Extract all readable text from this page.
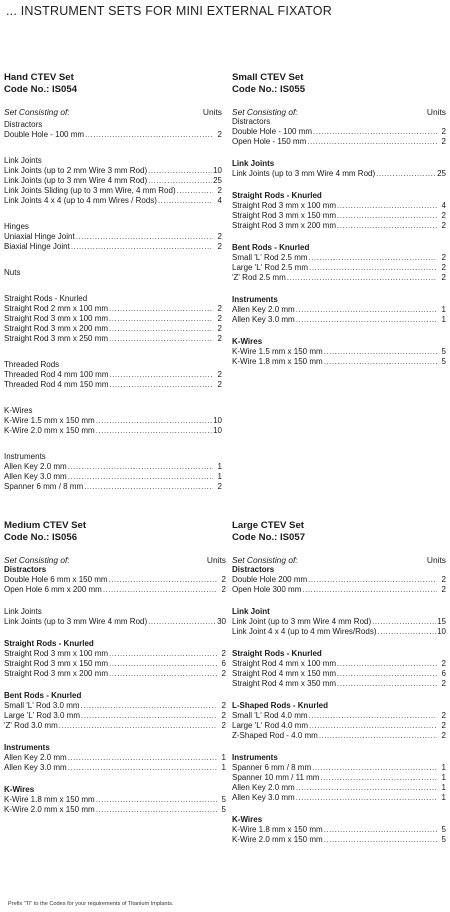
... INSTRUMENT SETS FOR MINI EXTERNAL FIXATOR
Hand CTEV Set
Code No.: IS054
Set Consisting of:	Units
Distractors
Double Hole - 100 mm .....	2
Link Joints
Link Joints (up to 2 mm Wire 3 mm Rod) .....	10
Link Joints (up to 3 mm Wire 4 mm Rod) .....	25
Link Joints Sliding (up to 3 mm Wire, 4 mm Rod) .....	2
Link Joints 4 x 4 (up to 4 mm Wires / Rods) .....	4
Hinges
Uniaxial Hinge Joint .....	2
Biaxial Hinge Joint .....	2
Nuts
Straight Rods - Knurled
Straight Rod 2 mm x 100 mm .....	2
Straight Rod 3 mm x 100 mm .....	2
Straight Rod 3 mm x 200 mm .....	2
Straight Rod 3 mm x 250 mm .....	2
Threaded Rods
Threaded Rod 4 mm 100 mm .....	2
Threaded Rod 4 mm 150 mm .....	2
K-Wires
K-Wire 1.5 mm x 150 mm .....	10
K-Wire 2.0 mm x 150 mm .....	10
Instruments
Allen Key 2.0 mm .....	1
Allen Key 3.0 mm .....	1
Spanner 6 mm / 8 mm .....	2
Small CTEV Set
Code No.: IS055
Set Consisting of:	Units
Distractors
Double Hole - 100 mm .....	2
Open Hole - 150 mm .....	2
Link Joints
Link Joints (up to 3 mm Wire 4 mm Rod) .....	25
Straight Rods - Knurled
Straight Rod 3 mm x 100 mm .....	4
Straight Rod 3 mm x 150 mm .....	2
Straight Rod 3 mm x 200 mm .....	2
Bent Rods - Knurled
Small 'L' Rod 2.5 mm .....	2
Large 'L' Rod 2.5 mm .....	2
'Z' Rod 2.5 mm .....	2
Instruments
Allen Key 2.0 mm .....	1
Allen Key 3.0 mm .....	1
K-Wires
K-Wire 1.5 mm x 150 mm .....	5
K-Wire 1.8 mm x 150 mm .....	5
Medium CTEV Set
Code No.: IS056
Set Consisting of:	Units
Distractors
Double Hole 6 mm x 150 mm .....	2
Open Hole 6 mm x 200 mm .....	2
Link Joints
Link Joints (up to 3 mm Wire 4 mm Rod) .....	30
Straight Rods - Knurled
Straight Rod 3 mm x 100 mm .....	2
Straight Rod 3 mm x 150 mm .....	6
Straight Rod 3 mm x 200 mm .....	2
Bent Rods - Knurled
Small 'L' Rod 3.0 mm .....	2
Large 'L' Rod 3.0 mm .....	2
'Z' Rod 3.0 mm .....	2
Instruments
Allen Key 2.0 mm .....	1
Allen Key 3.0 mm .....	1
K-Wires
K-Wire 1.8 mm x 150 mm .....	5
K-Wire 2.0 mm x 150 mm .....	5
Large CTEV Set
Code No.: IS057
Set Consisting of:	Units
Distractors
Double Hole 200 mm .....	2
Open Hole 300 mm .....	2
Link Joint
Link Joint (up to 3 mm Wire 4 mm Rod) .....	15
Link Joint 4 x 4 (up to 4 mm Wires/Rods) .....	10
Straight Rods - Knurled
Straight Rod 4 mm x 100 mm .....	2
Straight Rod 4 mm x 150 mm .....	6
Straight Rod 4 mm x 350 mm .....	2
L-Shaped Rods - Knurled
Small 'L' Rod 4.0 mm .....	2
Large 'L' Rod 4.0 mm .....	2
Z-Shaped Rod - 4.0 mm .....	2
Instruments
Spanner 6 mm / 8 mm .....	1
Spanner 10 mm / 11 mm .....	1
Allen Key 2.0 mm .....	1
Allen Key 3.0 mm .....	1
K-Wires
K-Wire 1.8 mm x 150 mm .....	5
K-Wire 2.0 mm x 150 mm .....	5
Prefix "Ti" to the Codes for your requirements of Titanium Implants.
